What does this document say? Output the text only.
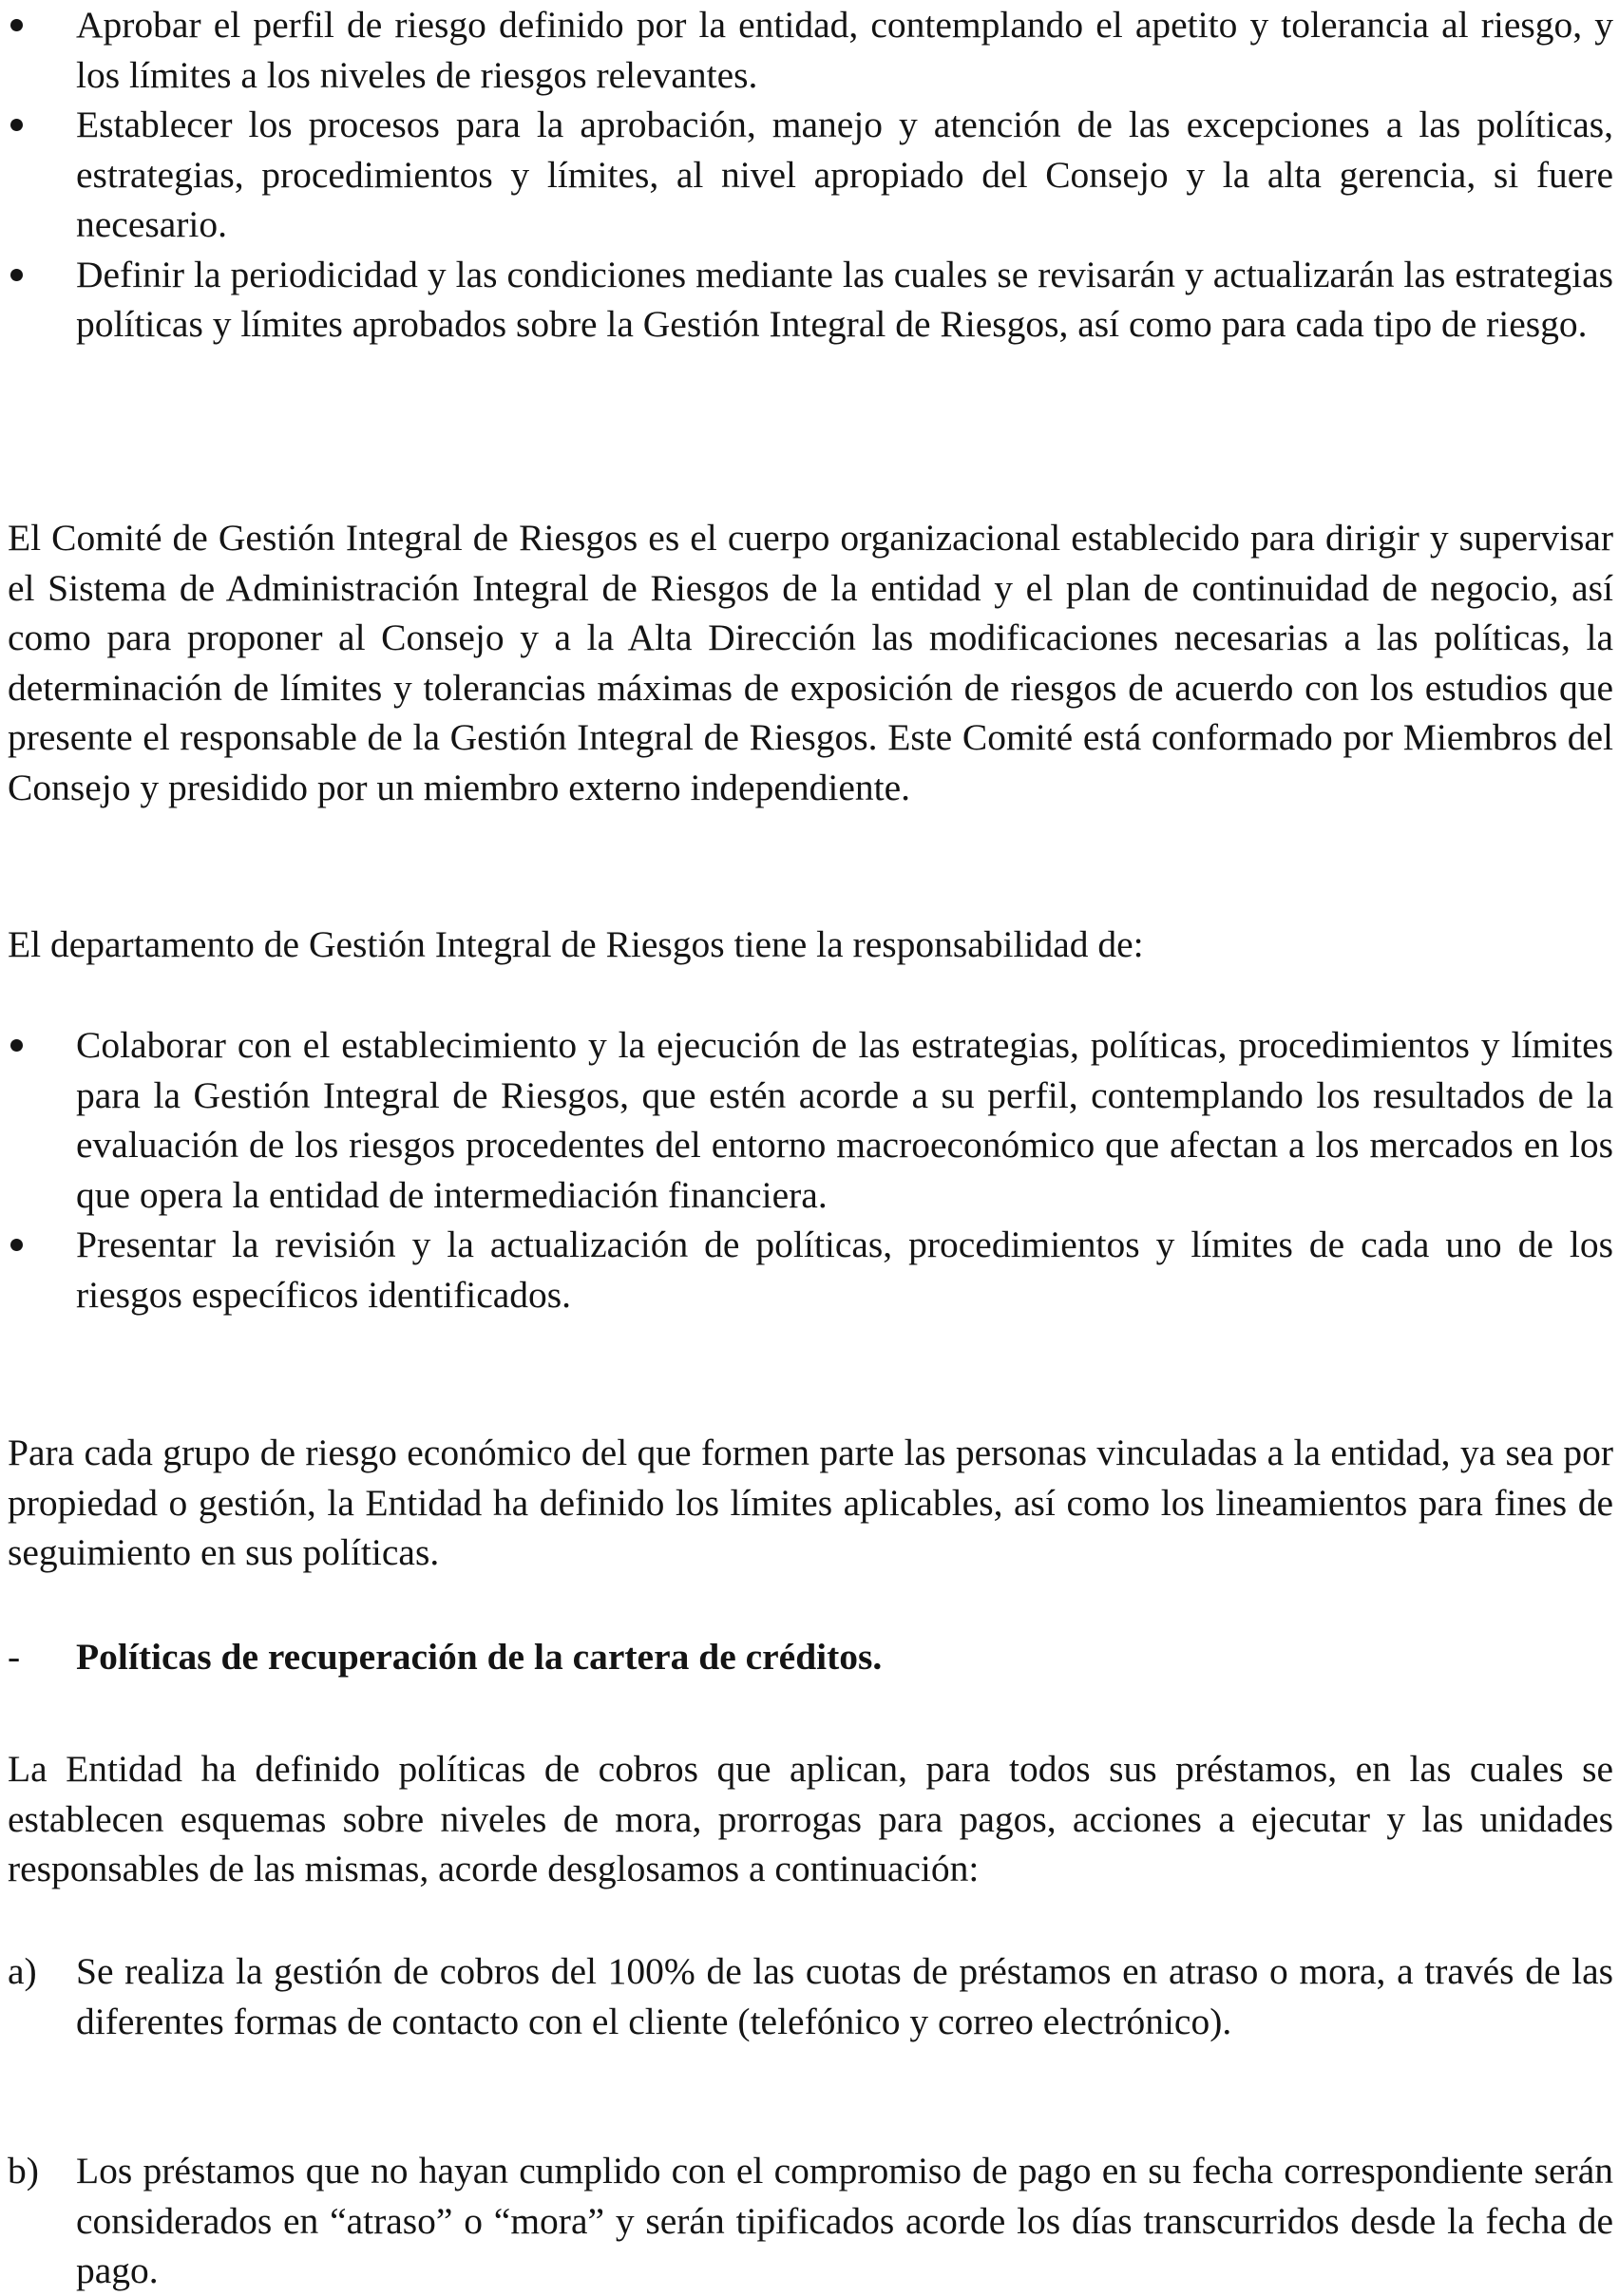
Aprobar el perfil de riesgo definido por la entidad, contemplando el apetito y tolerancia al riesgo, y los límites a los niveles de riesgos relevantes.
Establecer los procesos para la aprobación, manejo y atención de las excepciones a las políticas, estrategias, procedimientos y límites, al nivel apropiado del Consejo y la alta gerencia, si fuere necesario.
Definir la periodicidad y las condiciones mediante las cuales se revisarán y actualizarán las estrategias políticas y límites aprobados sobre la Gestión Integral de Riesgos, así como para cada tipo de riesgo.

El Comité de Gestión Integral de Riesgos es el cuerpo organizacional establecido para dirigir y supervisar el Sistema de Administración Integral de Riesgos de la entidad y el plan de continuidad de negocio, así como para proponer al Consejo y a la Alta Dirección las modificaciones necesarias a las políticas, la determinación de límites y tolerancias máximas de exposición de riesgos de acuerdo con los estudios que presente el responsable de la Gestión Integral de Riesgos. Este Comité está conformado por Miembros del Consejo y presidido por un miembro externo independiente.

El departamento de Gestión Integral de Riesgos tiene la responsabilidad de:

Colaborar con el establecimiento y la ejecución de las estrategias, políticas, procedimientos y límites para la Gestión Integral de Riesgos, que estén acorde a su perfil, contemplando los resultados de la evaluación de los riesgos procedentes del entorno macroeconómico que afectan a los mercados en los que opera la entidad de intermediación financiera.
Presentar la revisión y la actualización de políticas, procedimientos y límites de cada uno de los riesgos específicos identificados.

Para cada grupo de riesgo económico del que formen parte las personas vinculadas a la entidad, ya sea por propiedad o gestión, la Entidad ha definido los límites aplicables, así como los lineamientos para fines de seguimiento en sus políticas.

- Políticas de recuperación de la cartera de créditos.

La Entidad ha definido políticas de cobros que aplican, para todos sus préstamos, en las cuales se establecen esquemas sobre niveles de mora, prorrogas para pagos, acciones a ejecutar y las unidades responsables de las mismas, acorde desglosamos a continuación:

a) Se realiza la gestión de cobros del 100% de las cuotas de préstamos en atraso o mora, a través de las diferentes formas de contacto con el cliente (telefónico y correo electrónico).
b) Los préstamos que no hayan cumplido con el compromiso de pago en su fecha correspondiente serán considerados en “atraso” o “mora” y serán tipificados acorde los días transcurridos desde la fecha de pago.
